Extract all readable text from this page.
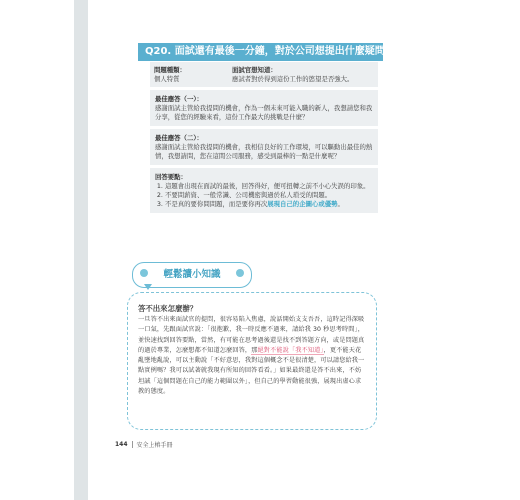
Q20. 面試還有最後一分鐘，對於公司想提出什麼疑問嗎？
問題種類：
個人特質
面試官想知道：
應試者對於得到這份工作的慾望是否強大。
最佳應答（一）：

感謝面試主管給我提問的機會，作為一個未來可能入職的新人，我想請您和我分享，從您的經驗來看，這份工作最大的挑戰是什麼？

最佳應答（二）：

感謝面試主管給我提問的機會，我相信良好的工作環境，可以驅動出最佳的熱情，我想請問，您在這間公司服務，感受到最棒的一點是什麼呢？

回答要點：
1. 這題會出現在面試的最後，回答得好，便可扭轉之前不小心失誤的印象。
2. 不要問薪資、一般常識、公司機密與過於私人瑣受的問題。
3. 不是真的要你問問題，而是要你再次展現自己的企圖心或優勢。
輕鬆讀小知識
答不出來怎麼辦？
一旦答不出來面試官的提問，很容易陷入焦慮，說話開始支支吾吾，這時記得深吸一口氣，先跟面試官說：「很抱歉，我一時反應不過來，請給我 30 秒思考時間」，並快速找到回答要點，當然，有可能在思考過後還是找不到答題方向，或是問題真的過於專業，怎麼想都不知道怎麼回答，那絕對不能說「我不知道」，更不能天花亂墜地亂說，可以主動說「不好意思，我對這個概念不是很清楚，可以請您給我一點實例嗎？我可以試著就我現有所知的回答看看。」如果最終還是答不出來，不妨坦誠「這個問題在自己的能力範圍以外」，但自己的學習動能很強，展現出虛心求教的態度。
144 安全上樁手冊
